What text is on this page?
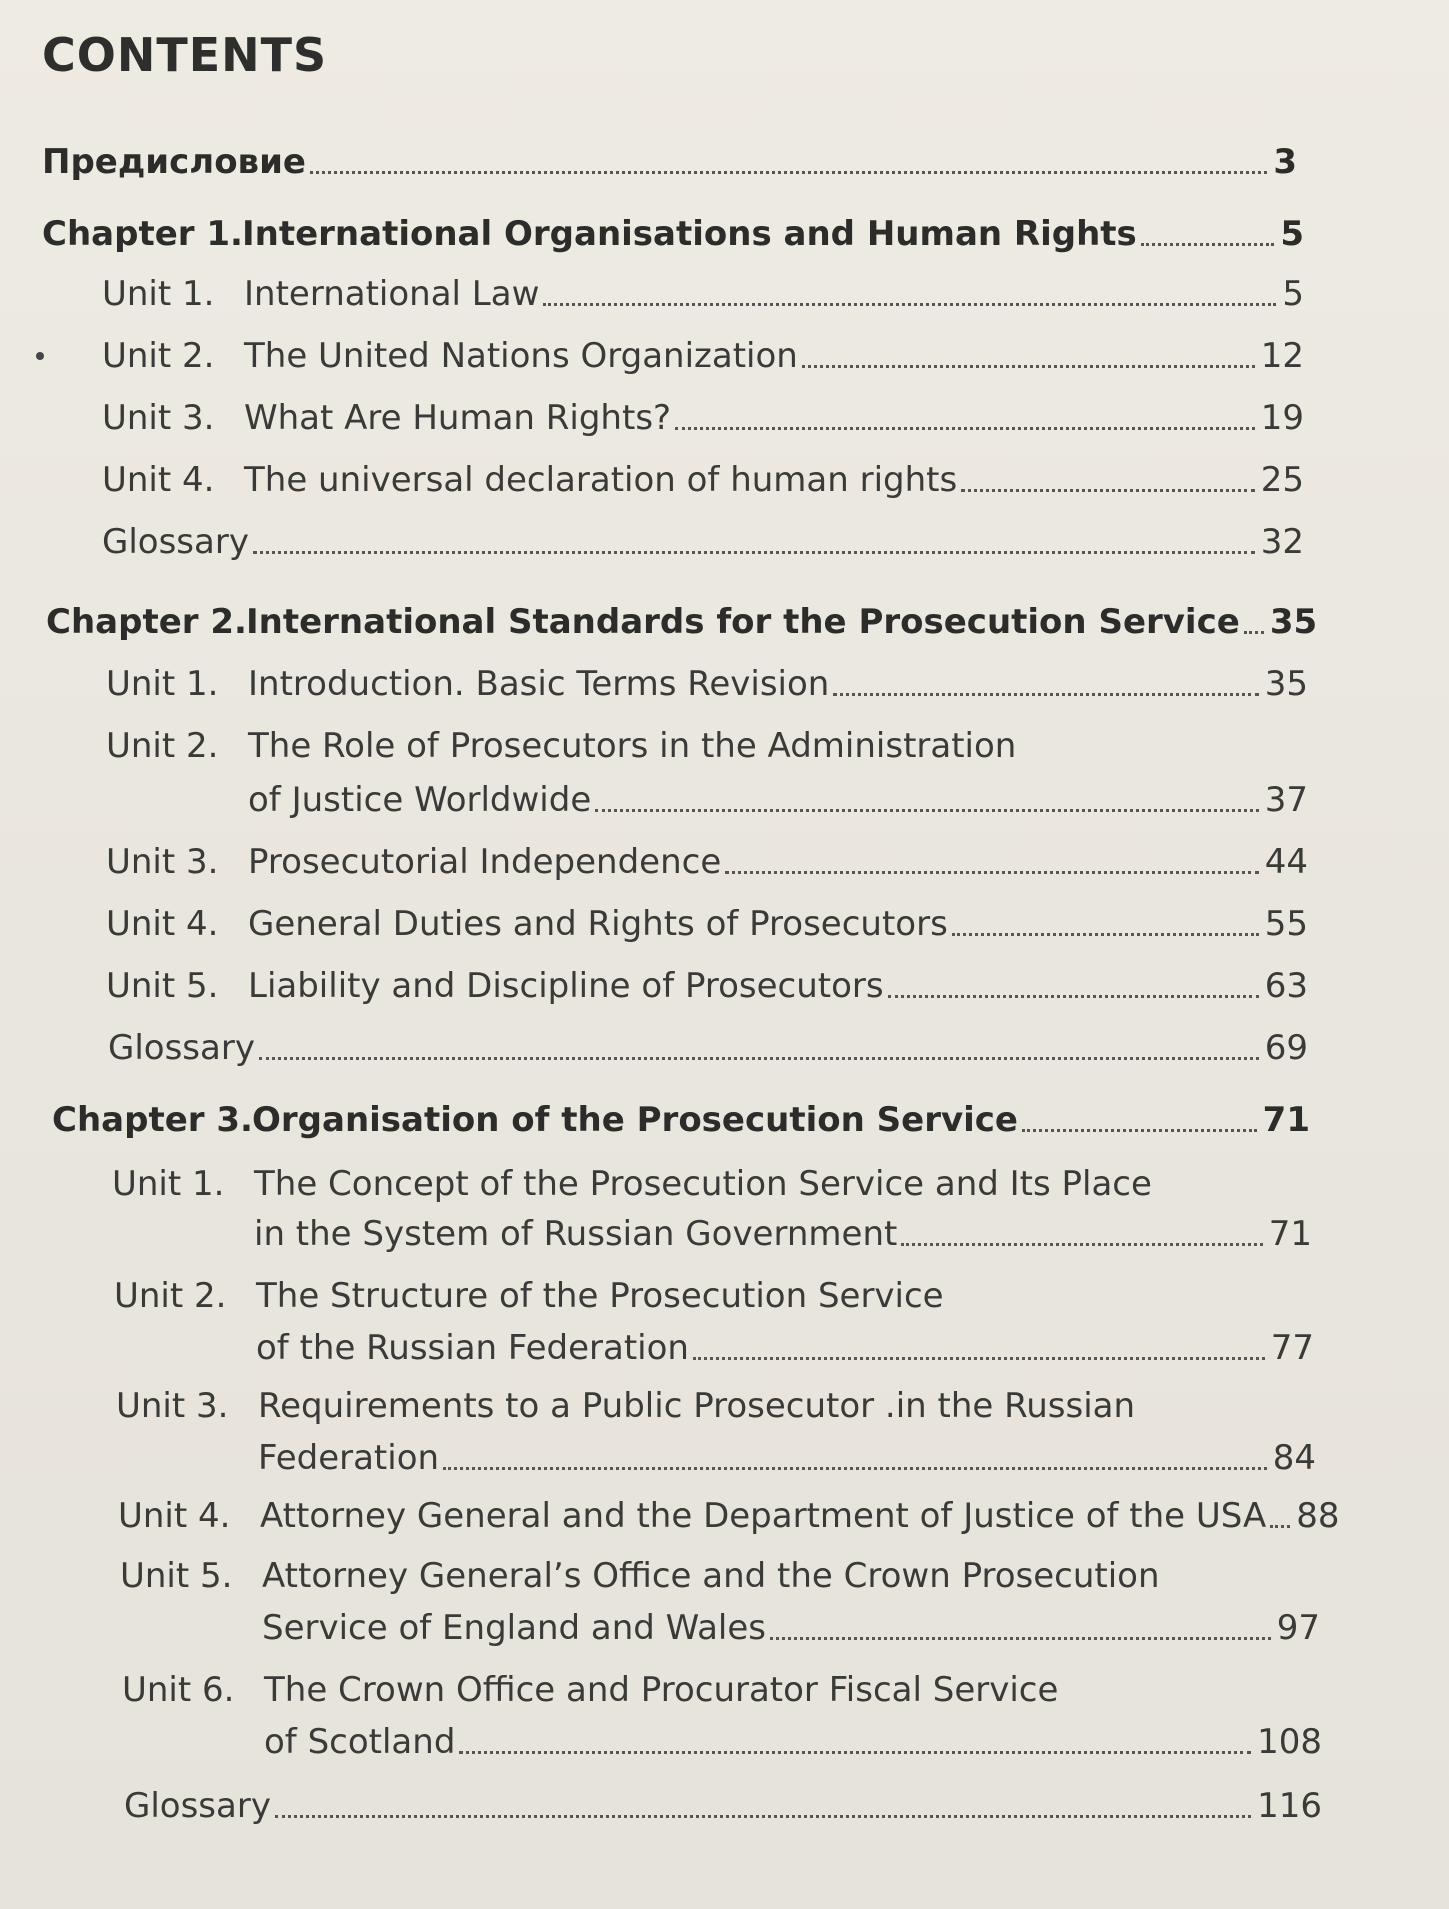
CONTENTS
Предисловие	3
Chapter 1.International Organisations and Human Rights	5
Unit 1. International Law	5
Unit 2. The United Nations Organization	12
Unit 3. What Are Human Rights?	19
Unit 4. The universal declaration of human rights	25
Glossary	32
Chapter 2.International Standards for the Prosecution Service 35
Unit 1. Introduction. Basic Terms Revision	35
Unit 2. The Role of Prosecutors in the Administration
of Justice Worldwide	37
Unit 3. Prosecutorial Independence	44
Unit 4. General Duties and Rights of Prosecutors	55
Unit 5. Liability and Discipline of Prosecutors	63
Glossary	69
Chapter 3.Organisation of the Prosecution Service	71
Unit 1. The Concept of the Prosecution Service and Its Place
in the System of Russian Government	71
Unit 2. The Structure of the Prosecution Service
of the Russian Federation	77
Unit 3. Requirements to a Public Prosecutor .in the Russian
Federation	84
Unit 4. Attorney General and the Department of Justice of the USA 88
Unit 5. Attorney General’s Office and the Crown Prosecution
Service of England and Wales	97
Unit 6. The Crown Office and Procurator Fiscal Service
of Scotland	108
Glossary	116
